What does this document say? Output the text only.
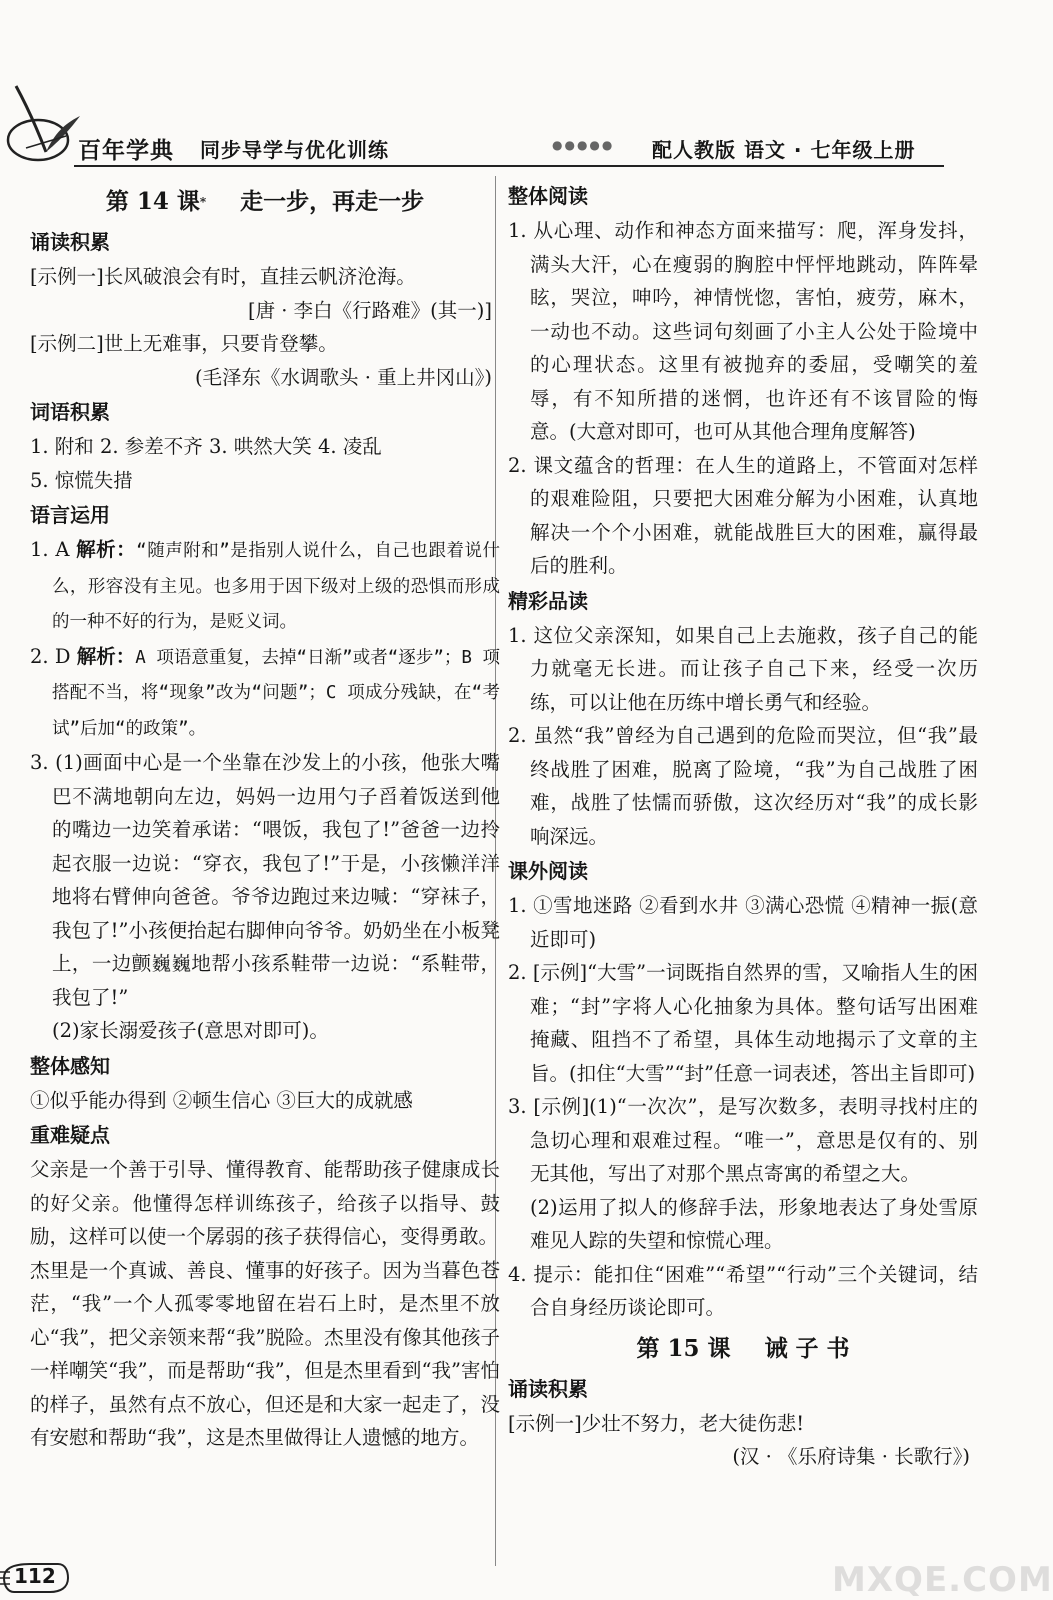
百年学典 同步导学与优化训练	●●●●● 配人教版 语文 · 七年级上册
第 14 课* 走一步，再走一步
诵读积累
[示例一]长风破浪会有时，直挂云帆济沧海。
[唐 · 李白《行路难》(其一)]
[示例二]世上无难事，只要肯登攀。
(毛泽东《水调歌头 · 重上井冈山》)
词语积累
1. 附和 2. 参差不齐 3. 哄然大笑 4. 凌乱
5. 惊慌失措
语言运用
1. A 解析：“随声附和”是指别人说什么，自己也跟着说什么，形容没有主见。也多用于因下级对上级的恐惧而形成的一种不好的行为，是贬义词。
2. D 解析：A 项语意重复，去掉“日渐”或者“逐步”；B 项搭配不当，将“现象”改为“问题”；C 项成分残缺，在“考试”后加“的政策”。
3. (1)画面中心是一个坐靠在沙发上的小孩，他张大嘴巴不满地朝向左边，妈妈一边用勺子舀着饭送到他的嘴边一边笑着承诺：“喂饭，我包了!”爸爸一边拎起衣服一边说：“穿衣，我包了!”于是，小孩懒洋洋地将右臂伸向爸爸。爷爷边跑过来边喊：“穿袜子，我包了!”小孩便抬起右脚伸向爷爷。奶奶坐在小板凳上，一边颤巍巍地帮小孩系鞋带一边说：“系鞋带，我包了!”
(2)家长溺爱孩子(意思对即可)。
整体感知
①似乎能办得到 ②顿生信心 ③巨大的成就感
重难疑点
父亲是一个善于引导、懂得教育、能帮助孩子健康成长的好父亲。他懂得怎样训练孩子，给孩子以指导、鼓励，这样可以使一个孱弱的孩子获得信心，变得勇敢。
杰里是一个真诚、善良、懂事的好孩子。因为当暮色苍茫，“我”一个人孤零零地留在岩石上时，是杰里不放心“我”，把父亲领来帮“我”脱险。杰里没有像其他孩子一样嘲笑“我”，而是帮助“我”，但是杰里看到“我”害怕的样子，虽然有点不放心，但还是和大家一起走了，没有安慰和帮助“我”，这是杰里做得让人遗憾的地方。
整体阅读
1. 从心理、动作和神态方面来描写：爬，浑身发抖，满头大汗，心在瘦弱的胸腔中怦怦地跳动，阵阵晕眩，哭泣，呻吟，神情恍惚，害怕，疲劳，麻木，一动也不动。这些词句刻画了小主人公处于险境中的心理状态。这里有被抛弃的委屈，受嘲笑的羞辱，有不知所措的迷惘，也许还有不该冒险的悔意。(大意对即可，也可从其他合理角度解答)
2. 课文蕴含的哲理：在人生的道路上，不管面对怎样的艰难险阻，只要把大困难分解为小困难，认真地解决一个个小困难，就能战胜巨大的困难，赢得最后的胜利。
精彩品读
1. 这位父亲深知，如果自己上去施救，孩子自己的能力就毫无长进。而让孩子自己下来，经受一次历练，可以让他在历练中增长勇气和经验。
2. 虽然“我”曾经为自己遇到的危险而哭泣，但“我”最终战胜了困难，脱离了险境，“我”为自己战胜了困难，战胜了怯懦而骄傲，这次经历对“我”的成长影响深远。
课外阅读
1. ①雪地迷路 ②看到水井 ③满心恐慌 ④精神一振(意近即可)
2. [示例]“大雪”一词既指自然界的雪，又喻指人生的困难；“封”字将人心化抽象为具体。整句话写出困难掩藏、阻挡不了希望，具体生动地揭示了文章的主旨。(扣住“大雪”“封”任意一词表述，答出主旨即可)
3. [示例](1)“一次次”，是写次数多，表明寻找村庄的急切心理和艰难过程。“唯一”，意思是仅有的、别无其他，写出了对那个黑点寄寓的希望之大。
(2)运用了拟人的修辞手法，形象地表达了身处雪原难见人踪的失望和惊慌心理。
4. 提示：能扣住“困难”“希望”“行动”三个关键词，结合自身经历谈论即可。
第 15 课 诫 子 书
诵读积累
[示例一]少壮不努力，老大徒伤悲!
(汉 · 《乐府诗集 · 长歌行》)
112	MXQE.COM
